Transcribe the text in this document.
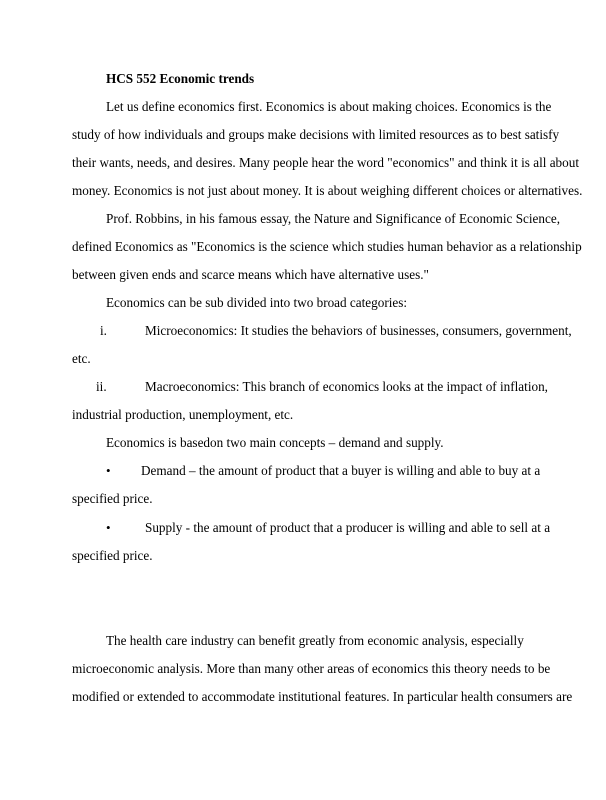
HCS 552 Economic trends
Let us define economics first. Economics is about making choices. Economics is the
study of how individuals and groups make decisions with limited resources as to best satisfy
their wants, needs, and desires. Many people hear the word "economics" and think it is all about
money. Economics is not just about money. It is about weighing different choices or alternatives.
Prof. Robbins, in his famous essay, the Nature and Significance of Economic Science,
defined Economics as "Economics is the science which studies human behavior as a relationship
between given ends and scarce means which have alternative uses."
Economics can be sub divided into two broad categories:
i.	Microeconomics: It studies the behaviors of businesses, consumers, government,
etc.
ii.	Macroeconomics: This branch of economics looks at the impact of inflation,
industrial production, unemployment, etc.
Economics is basedon two main concepts – demand and supply.
• Demand – the amount of product that a buyer is willing and able to buy at a
specified price.
•	Supply - the amount of product that a producer is willing and able to sell at a
specified price.
The health care industry can benefit greatly from economic analysis, especially
microeconomic analysis. More than many other areas of economics this theory needs to be
modified or extended to accommodate institutional features. In particular health consumers are
